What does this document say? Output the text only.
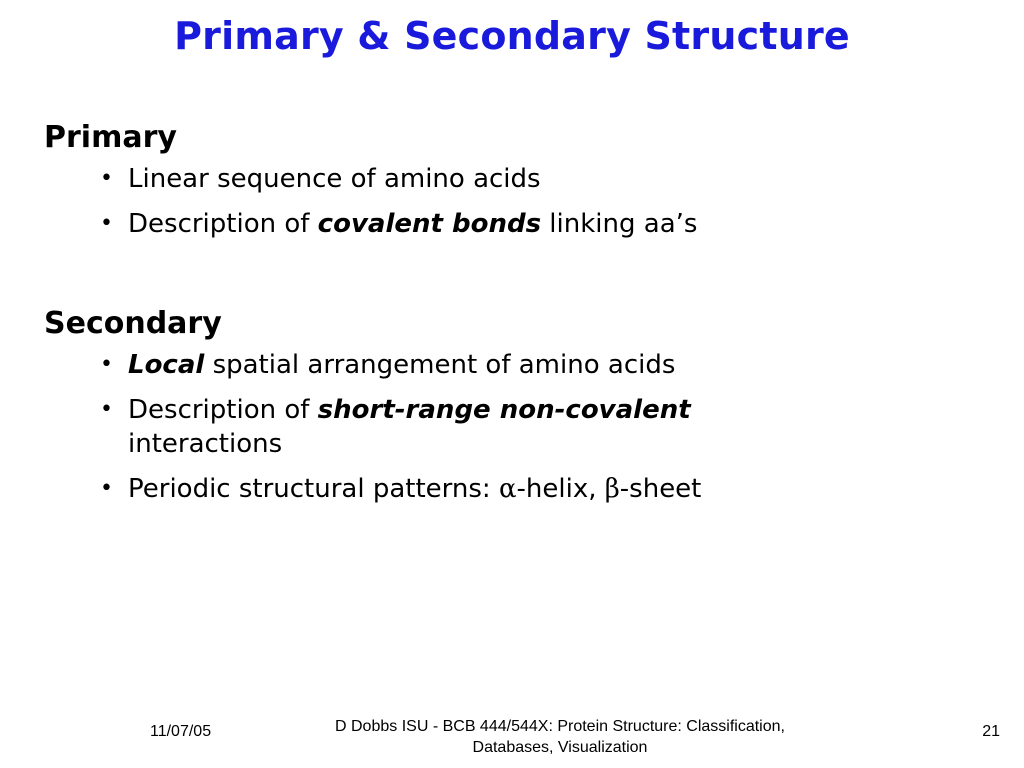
Primary & Secondary Structure
Primary
• Linear sequence of amino acids
• Description of covalent bonds linking aa’s
Secondary
• Local spatial arrangement of amino acids
• Description of short-range non-covalent
interactions
• Periodic structural patterns: α-helix, β-sheet
11/07/05	D Dobbs ISU - BCB 444/544X: Protein Structure: Classification,
Databases, Visualization
21
